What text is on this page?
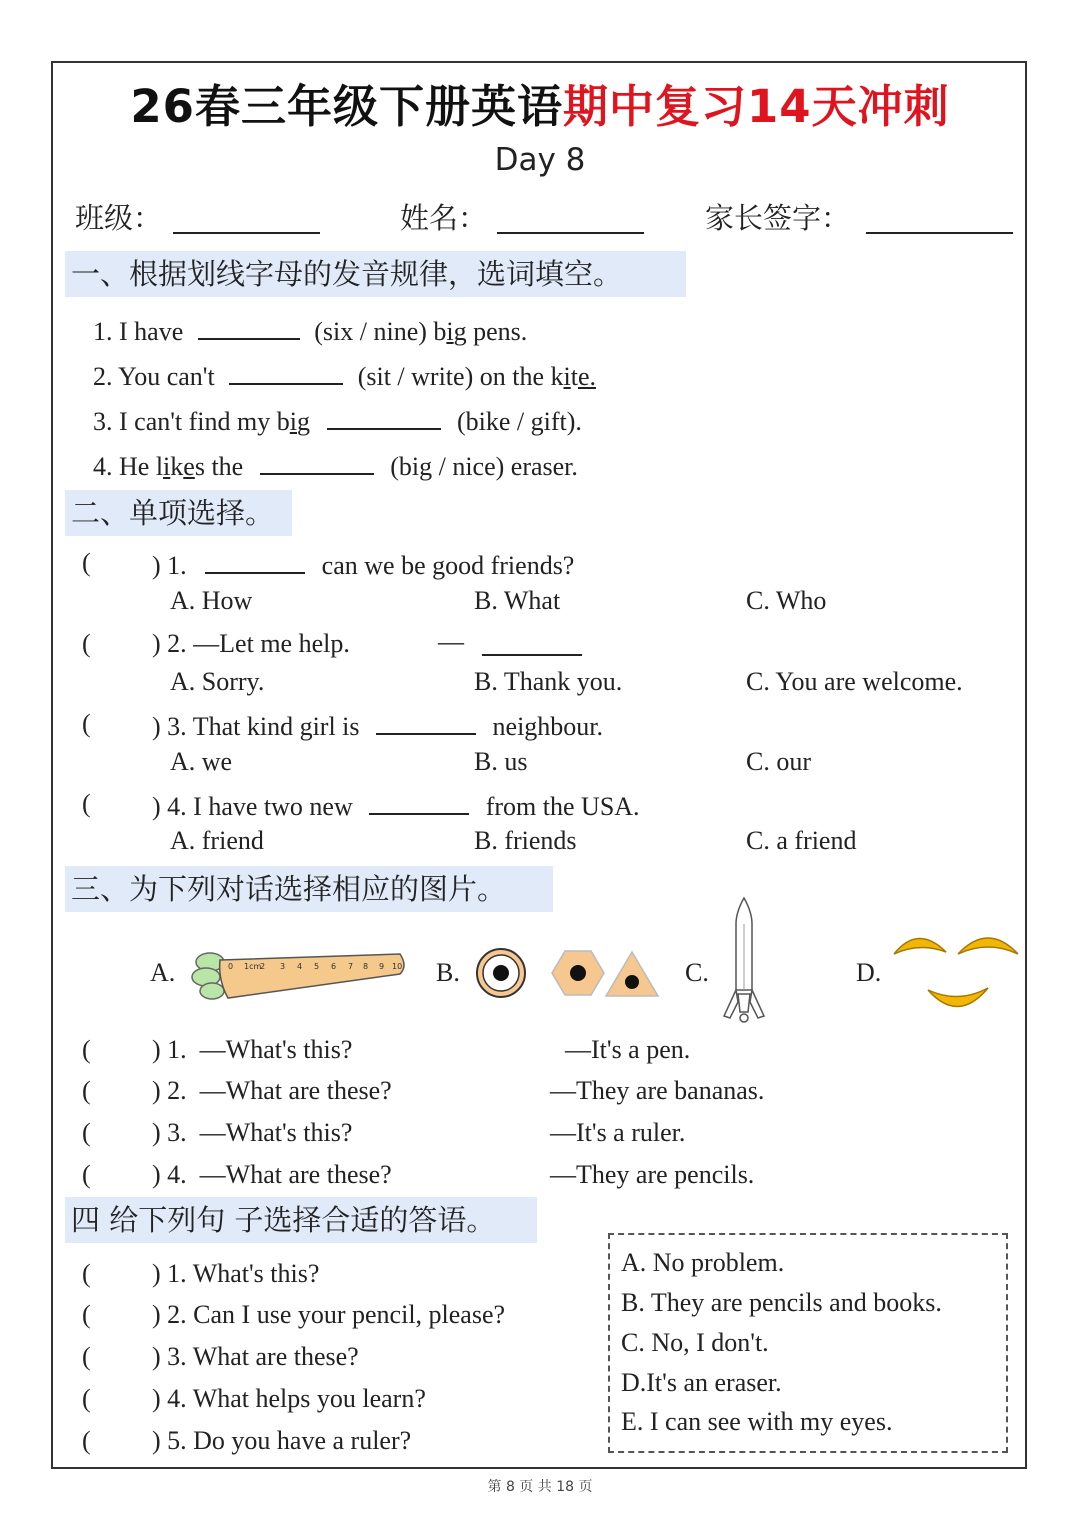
26春三年级下册英语期中复习14天冲刺
Day 8
班级：	姓名：	家长签字：
一、根据划线字母的发音规律，选词填空。
1. I have	(six / nine) big pens.
2. You can't	(sit / write) on the kite.
3. I can't find my big	(bike / gift).
4. He likes the	(big / nice) eraser.
二、单项选择。
( ) 1.	can we be good friends?
A. How	B. What	C. Who
( ) 2. —Let me help.	—
A. Sorry.	B. Thank you.	C. You are welcome.
( ) 3. That kind girl is	neighbour.
A. we	B. us	C. our
( ) 4. I have two new	from the USA.
A. friend	B. friends	C. a friend
三、为下列对话选择相应的图片。
A.	0 1cm
2 3 4 5 6 7 8 9 10 B.	C.	D.
( ) 1. —What's this?	—It's a pen.
( ) 2. —What are these?	—They are bananas.
( ) 3. —What's this?	—It's a ruler.
( ) 4. —What are these?	—They are pencils.
四 给下列句 子选择合适的答语。
( ) 1. What's this?
( ) 2. Can I use your pencil, please?
( ) 3. What are these?
( ) 4. What helps you learn?
( ) 5. Do you have a ruler?
A. No problem.
B. They are pencils and books.
C. No, I don't.
D.It's an eraser.
E. I can see with my eyes.
第 8 页 共 18 页
